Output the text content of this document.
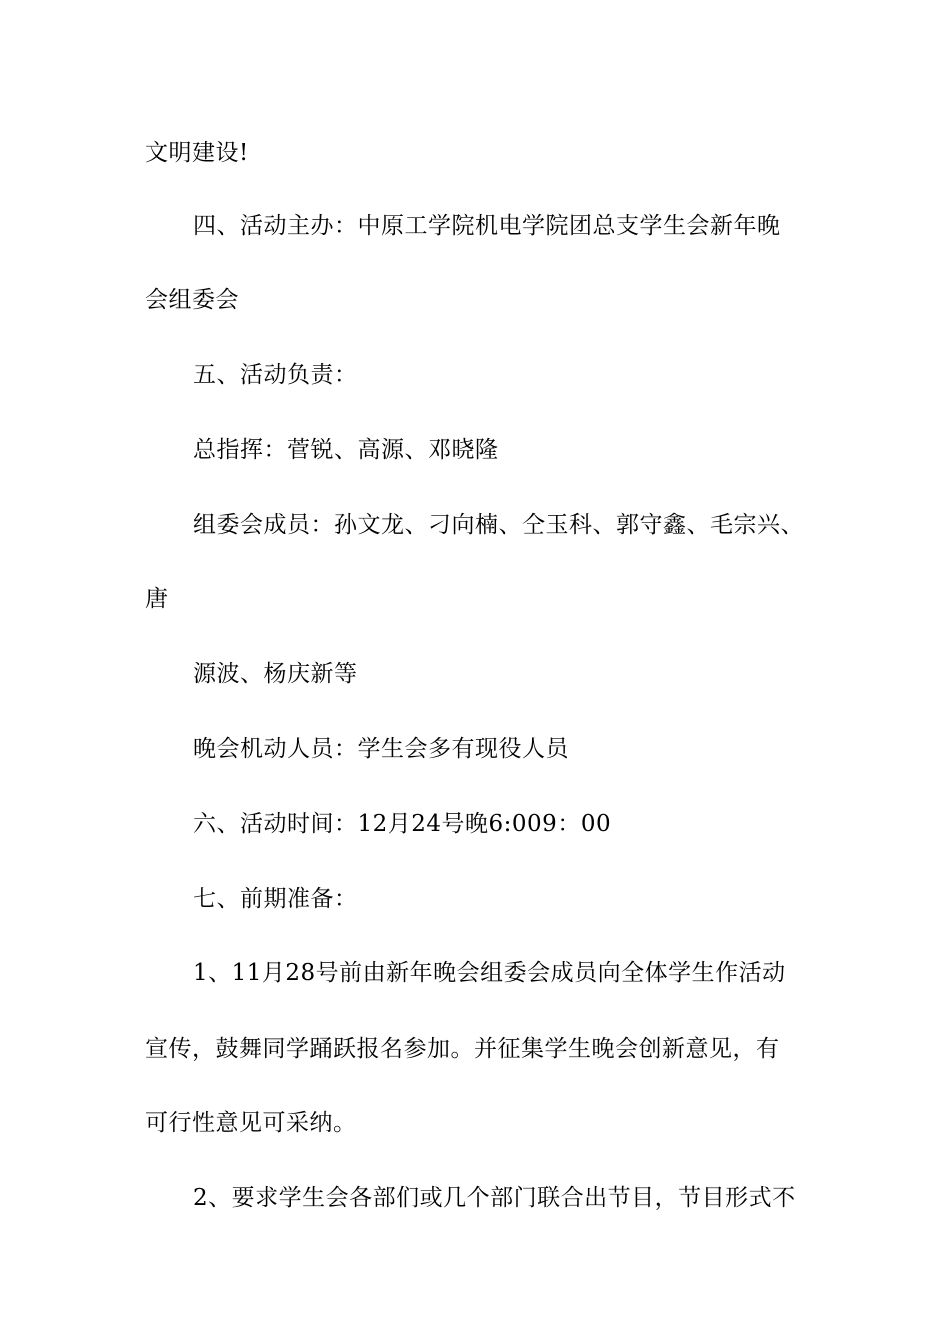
文明建设!
四、活动主办：中原工学院机电学院团总支学生会新年晚
会组委会
五、活动负责：
总指挥：菅锐、高源、邓晓隆
组委会成员：孙文龙、刁向楠、仝玉科、郭守鑫、毛宗兴、
唐
源波、杨庆新等
晚会机动人员：学生会多有现役人员
六、活动时间：12月24号晚6:009：00
七、前期准备：
1、11月28号前由新年晚会组委会成员向全体学生作活动
宣传，鼓舞同学踊跃报名参加。并征集学生晚会创新意见，有
可行性意见可采纳。
2、要求学生会各部们或几个部门联合出节目，节目形式不
